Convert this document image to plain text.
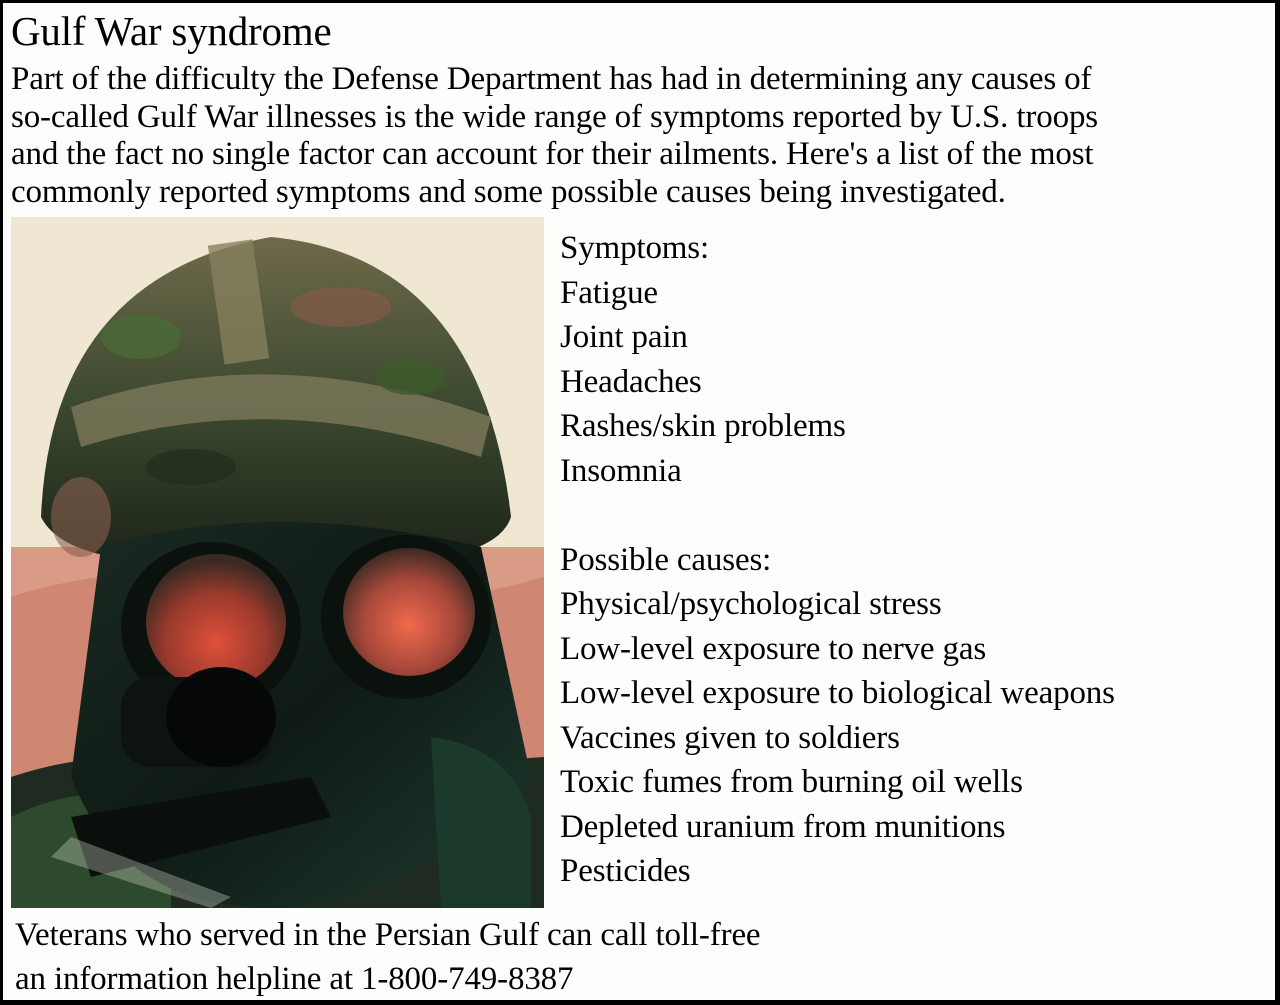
Gulf War syndrome
Part of the difficulty the Defense Department has had in determining any causes of
so-called Gulf War illnesses is the wide range of symptoms reported by U.S. troops
and the fact no single factor can account for their ailments. Here's a list of the most
commonly reported symptoms and some possible causes being investigated.
Symptoms:
Fatigue
Joint pain
Headaches
Rashes/skin problems
Insomnia
Possible causes:
Physical/psychological stress
Low-level exposure to nerve gas
Low-level exposure to biological weapons
Vaccines given to soldiers
Toxic fumes from burning oil wells
Depleted uranium from munitions
Pesticides
Veterans who served in the Persian Gulf can call toll-free
an information helpline at 1-800-749-8387
